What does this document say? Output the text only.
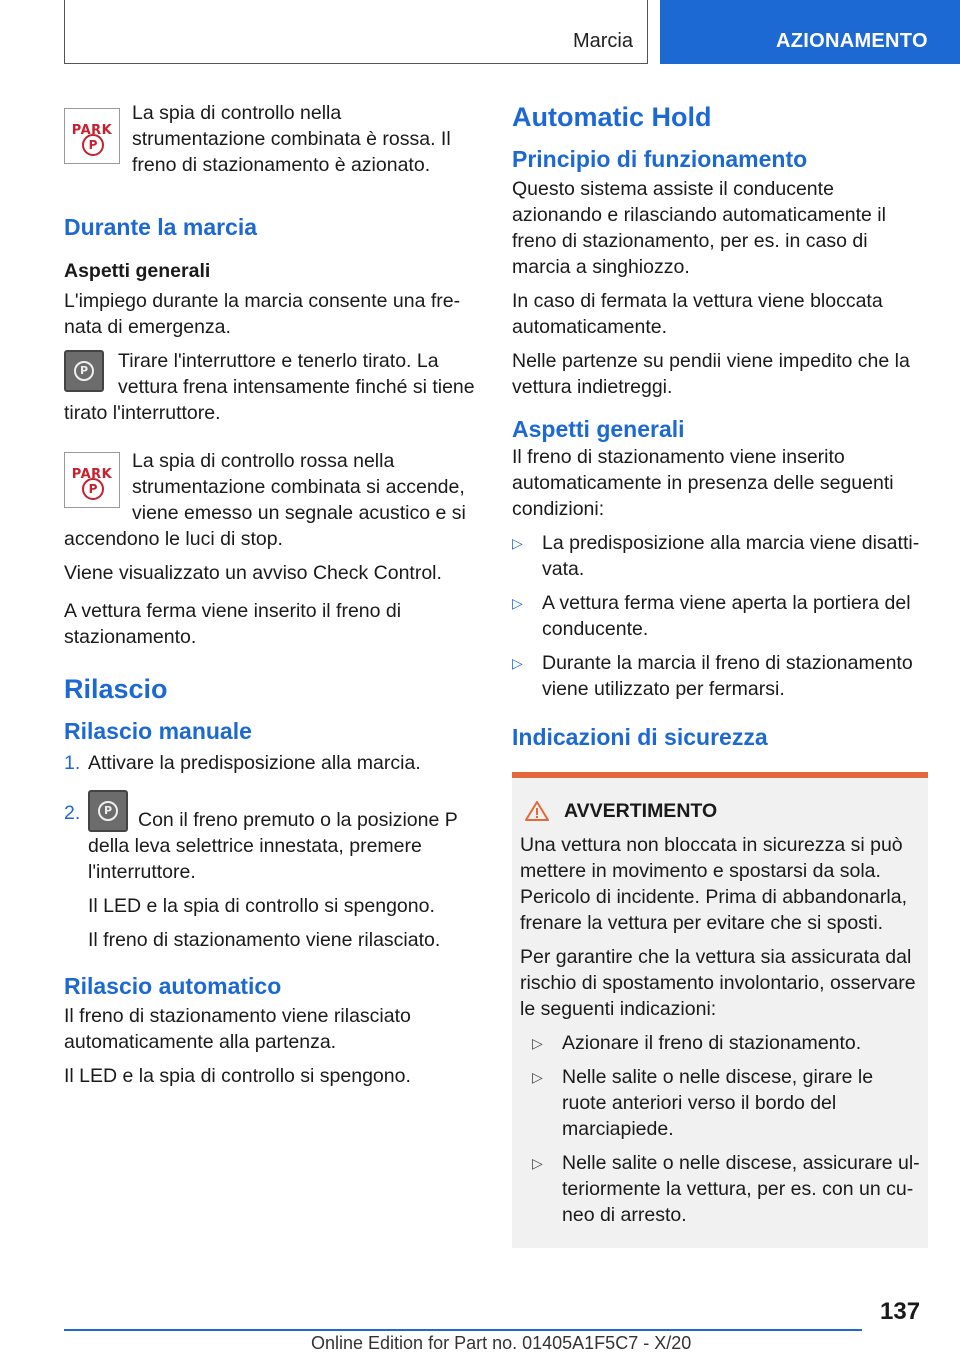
Marcia	AZIONAMENTO
PARK
P

La spia di controllo nella strumentazione combinata è rossa. Il freno di stazionamento è azionato.

Durante la marcia
Aspetti generali

L'impiego durante la marcia consente una frenata di emergenza.

P	Tirare l'interruttore e tenerlo tirato. La vettura frena intensamente finché si tiene tirato l'interruttore.

PARK
P

La spia di controllo rossa nella strumentazione combinata si accende, viene emesso un segnale acustico e si accendono le luci di stop.

Viene visualizzato un avviso Check Control.

A vettura ferma viene inserito il freno di stazionamento.

Rilascio
Rilascio manuale
1. Attivare la predisposizione alla marcia.
2.	P	Con il freno premuto o la posizione P della leva selettrice innestata, premere l'interruttore.

Il LED e la spia di controllo si spengono.

Il freno di stazionamento viene rilasciato.

Rilascio automatico

Il freno di stazionamento viene rilasciato automaticamente alla partenza.

Il LED e la spia di controllo si spengono.

Automatic Hold
Principio di funzionamento

Questo sistema assiste il conducente azionando e rilasciando automaticamente il freno di stazionamento, per es. in caso di marcia a singhiozzo.

In caso di fermata la vettura viene bloccata automaticamente.

Nelle partenze su pendii viene impedito che la vettura indietreggi.

Aspetti generali

Il freno di stazionamento viene inserito automaticamente in presenza delle seguenti condizioni:

▷ La predisposizione alla marcia viene disattivata.
▷ A vettura ferma viene aperta la portiera del conducente.
▷ Durante la marcia il freno di stazionamento viene utilizzato per fermarsi.
Indicazioni di sicurezza
AVVERTIMENTO

Una vettura non bloccata in sicurezza si può mettere in movimento e spostarsi da sola. Pericolo di incidente. Prima di abbandonarla, frenare la vettura per evitare che si sposti.

Per garantire che la vettura sia assicurata dal rischio di spostamento involontario, osservare le seguenti indicazioni:

▷ Azionare il freno di stazionamento.
▷ Nelle salite o nelle discese, girare le ruote anteriori verso il bordo del marciapiede.
▷ Nelle salite o nelle discese, assicurare ulteriormente la vettura, per es. con un cuneo di arresto.
137
Online Edition for Part no. 01405A1F5C7 - X/20
